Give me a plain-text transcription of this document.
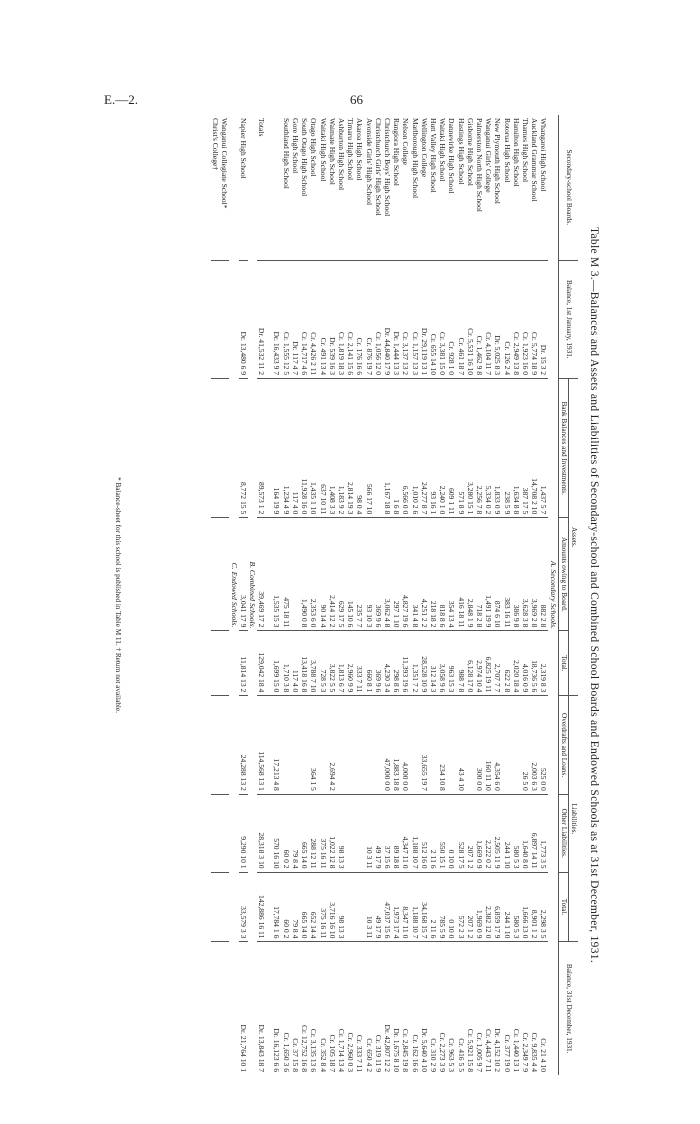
E.—2.	66
Table M 3.—Balances and Assets and Liabilities of Secondary-school and Combined School Boards and Endowed Schools as at 31st December, 1931.
Secondary-school Boards.	Balance, 1st January, 1931.	Assets.			Liabilities.			Balance, 31st December, 1931.
		Bank Balances and Investments.	Amounts owing to Board.	Total.	Overdrafts and Loans.	Other Liabilities.	Total.	
A. Secondary Schools.								
Whangarei High School	Dr. 15 3 2	1,437 5 7	882 2 8	2,319 8 3	525 0 0	1,773 3 5	2,298 3 5	Cr. 21 4 10
Auckland Grammar School	Cr. 5,774 18 9	14,708 2 10	3,969 2 8	18,736 5 6	2,003 6 3	6,897 14 11	8,901 1 2	Cr. 9,835 4 4
Thames High School	Cr. 1,923 16 0	387 17 5	3,628 3 8	4,016 0 9	26 5 0	1,640 8 0	1,666 13 0	Cr. 2,349 7 9
Hamilton High School	Cr. 2,949 13 8	1,634 8 8	386 9 8	2,020 18 4		580 5 3	580 5 3	Cr. 1,440 13 1
Rotorua High School	Cr. 126 2 4	238 5 9	383 16 11	622 2 8		244 1 10	244 1 10	Cr. 377 19 0
New Plymouth High School	Dr. 5,025 8 3	1,833 0 9	874 6 10	2,707 7 7	4,354 6 0	2,505 11 9	6,859 17 9	Dr. 4,152 10 2
Wanganui Girls' College	Cr. 4,104 11 7	5,334 0 2	1,491 19 9	6,825 19 11	160 11 10	2,222 0 2	2,382 12 0	Cr. 4,443 7 11
Palmerston North High School	Cr. 1,462 9 8	2,256 7 8	718 2 8	2,974 10 4	300 0 0	1,669 0 9	1,969 0 9	Cr. 1,005 9 7
Gisborne High School	Cr. 5,531 16 10	3,280 15 1	2,848 1 9	6,128 17 0		207 1 2	207 1 2	Cr. 5,921 15 8
Hastings High School	Cr. 461 18 7	571 8 9	416 18 11	988 7 8	43 4 10	528 17 5	572 2 3	Cr. 416 5 5
Dannevirke High School	Cr. 928 1 0	609 1 11	354 13 4	963 15 3		0 10 0	0 10 0	Cr. 963 5 3
Waitaki High School	Cr. 3,381 15 0	2,240 1 0	818 8 6	3,058 9 6	234 10 8	550 15 1	785 5 9	Cr. 2,273 3 9
Hutt Valley High School	Cr. 655 14 10	93 16 1	218 18 2	312 14 3		2 11 6	2 11 6	Cr. 310 2 9
Wellington College	Dr. 29,119 13 1	24,277 8 7	4,251 2 2	28,528 10 9	33,655 19 7	512 16 0	34,168 15 7	Dr. 5,640 4 10
Marlborough High School	Cr. 1,157 13 3	1,010 2 6	341 4 8	1,351 7 2		1,188 10 7	1,188 10 7	Cr. 162 16 6
Nelson College	Cr. 3,137 13 2	6,566 0 0	4,827 19 6	11,393 19 6	4,000 0 0	4,347 11 0	8,347 11 0	Cr. 2,845 19 8
Rangiora High School	Dr. 1,444 13 3	1 6 8	297 1 10	298 8 6	1,883 18 8	89 18 8	1,973 17 4	Dr. 1,675 8 10
Christchurch Boys' High School	Dr. 44,840 17 9	1,167 18 8	3,062 4 8	4,230 3 4	47,000 0 0	37 15 6	47,037 15 6	Dr. 42,807 12 2
Christchurch Girls' High School	Cr. 1,056 12 0		369 9 6	369 9 6		49 17 9	49 17 9	Cr. 319 11 9
Avonside Girls' High School	Cr. 876 19 7	566 17 10	93 10 3	660 8 1		10 3 11	10 3 11	Cr. 650 4 2
Akaroa High School	Cr. 176 16 6	98 0 4	235 7 7	333 7 11				Cr. 333 7 11
Timaru High School	Cr. 2,141 15 6	2,814 19 3	145 10 6	2,960 9 9				Cr. 2,960 0 3
Ashburton High School	Cr. 1,819 18 3	1,183 9 2	629 17 5	1,813 6 7		98 13 3	98 13 3	Cr. 1,714 13 4
Waimate High School	Dr. 539 16 3	1,408 3 3	2,414 12 2	3,822 5 5	2,694 4 2	1,022 12 8	3,716 16 10	Cr. 105 18 7
Waitaki High School	Cr. 491 13 4	637 10 11	90 14 4	728 5 3		375 16 11	375 16 11	Cr. 352 8 4
Otago High School	Cr. 4,426 2 11	1,435 1 10	2,353 6 0	3,788 7 10	364 1 5	288 12 11	652 14 4	Cr. 3,135 13 6
South Otago High School	Cr. 14,717 4 6	11,928 16 0	1,490 0 8	13,418 16 8		665 14 0	665 14 0	Cr. 12,752 16 8
Gore High School	Dr. 117 4 7	117 4 0		117 4 0		79 8 4	79 8 4	Cr. 37 15 8
Southland High School	Cr. 1,555 12 5	1,234 4 9	475 18 11	1,710 3 8		60 0 2	60 0 2	Cr. 1,650 3 6
	Dr. 16,433 9 7	164 19 9	1,535 15 3	1,699 15 0	17,213 4 8	570 16 10	17,784 1 6	Dr. 16,123 6 6
Totals	Dr. 41,532 11 2	89,573 1 2	39,469 17 2	129,042 18 4	114,568 13 1	28,318 3 10	142,886 16 11	Dr. 13,843 18 7
B. Combined Schools.								
Napier High School	Dr. 13,480 6 9	8,772 15 5	3,041 17 9	11,814 13 2	24,288 13 2	9,290 10 1	33,579 3 3	Dr. 21,764 10 1
C. Endowed Schools.								
Wanganui Collegiate School*								
Christ's College†								
* Balance-sheet for this school is published in Table M 11. † Return not available.
